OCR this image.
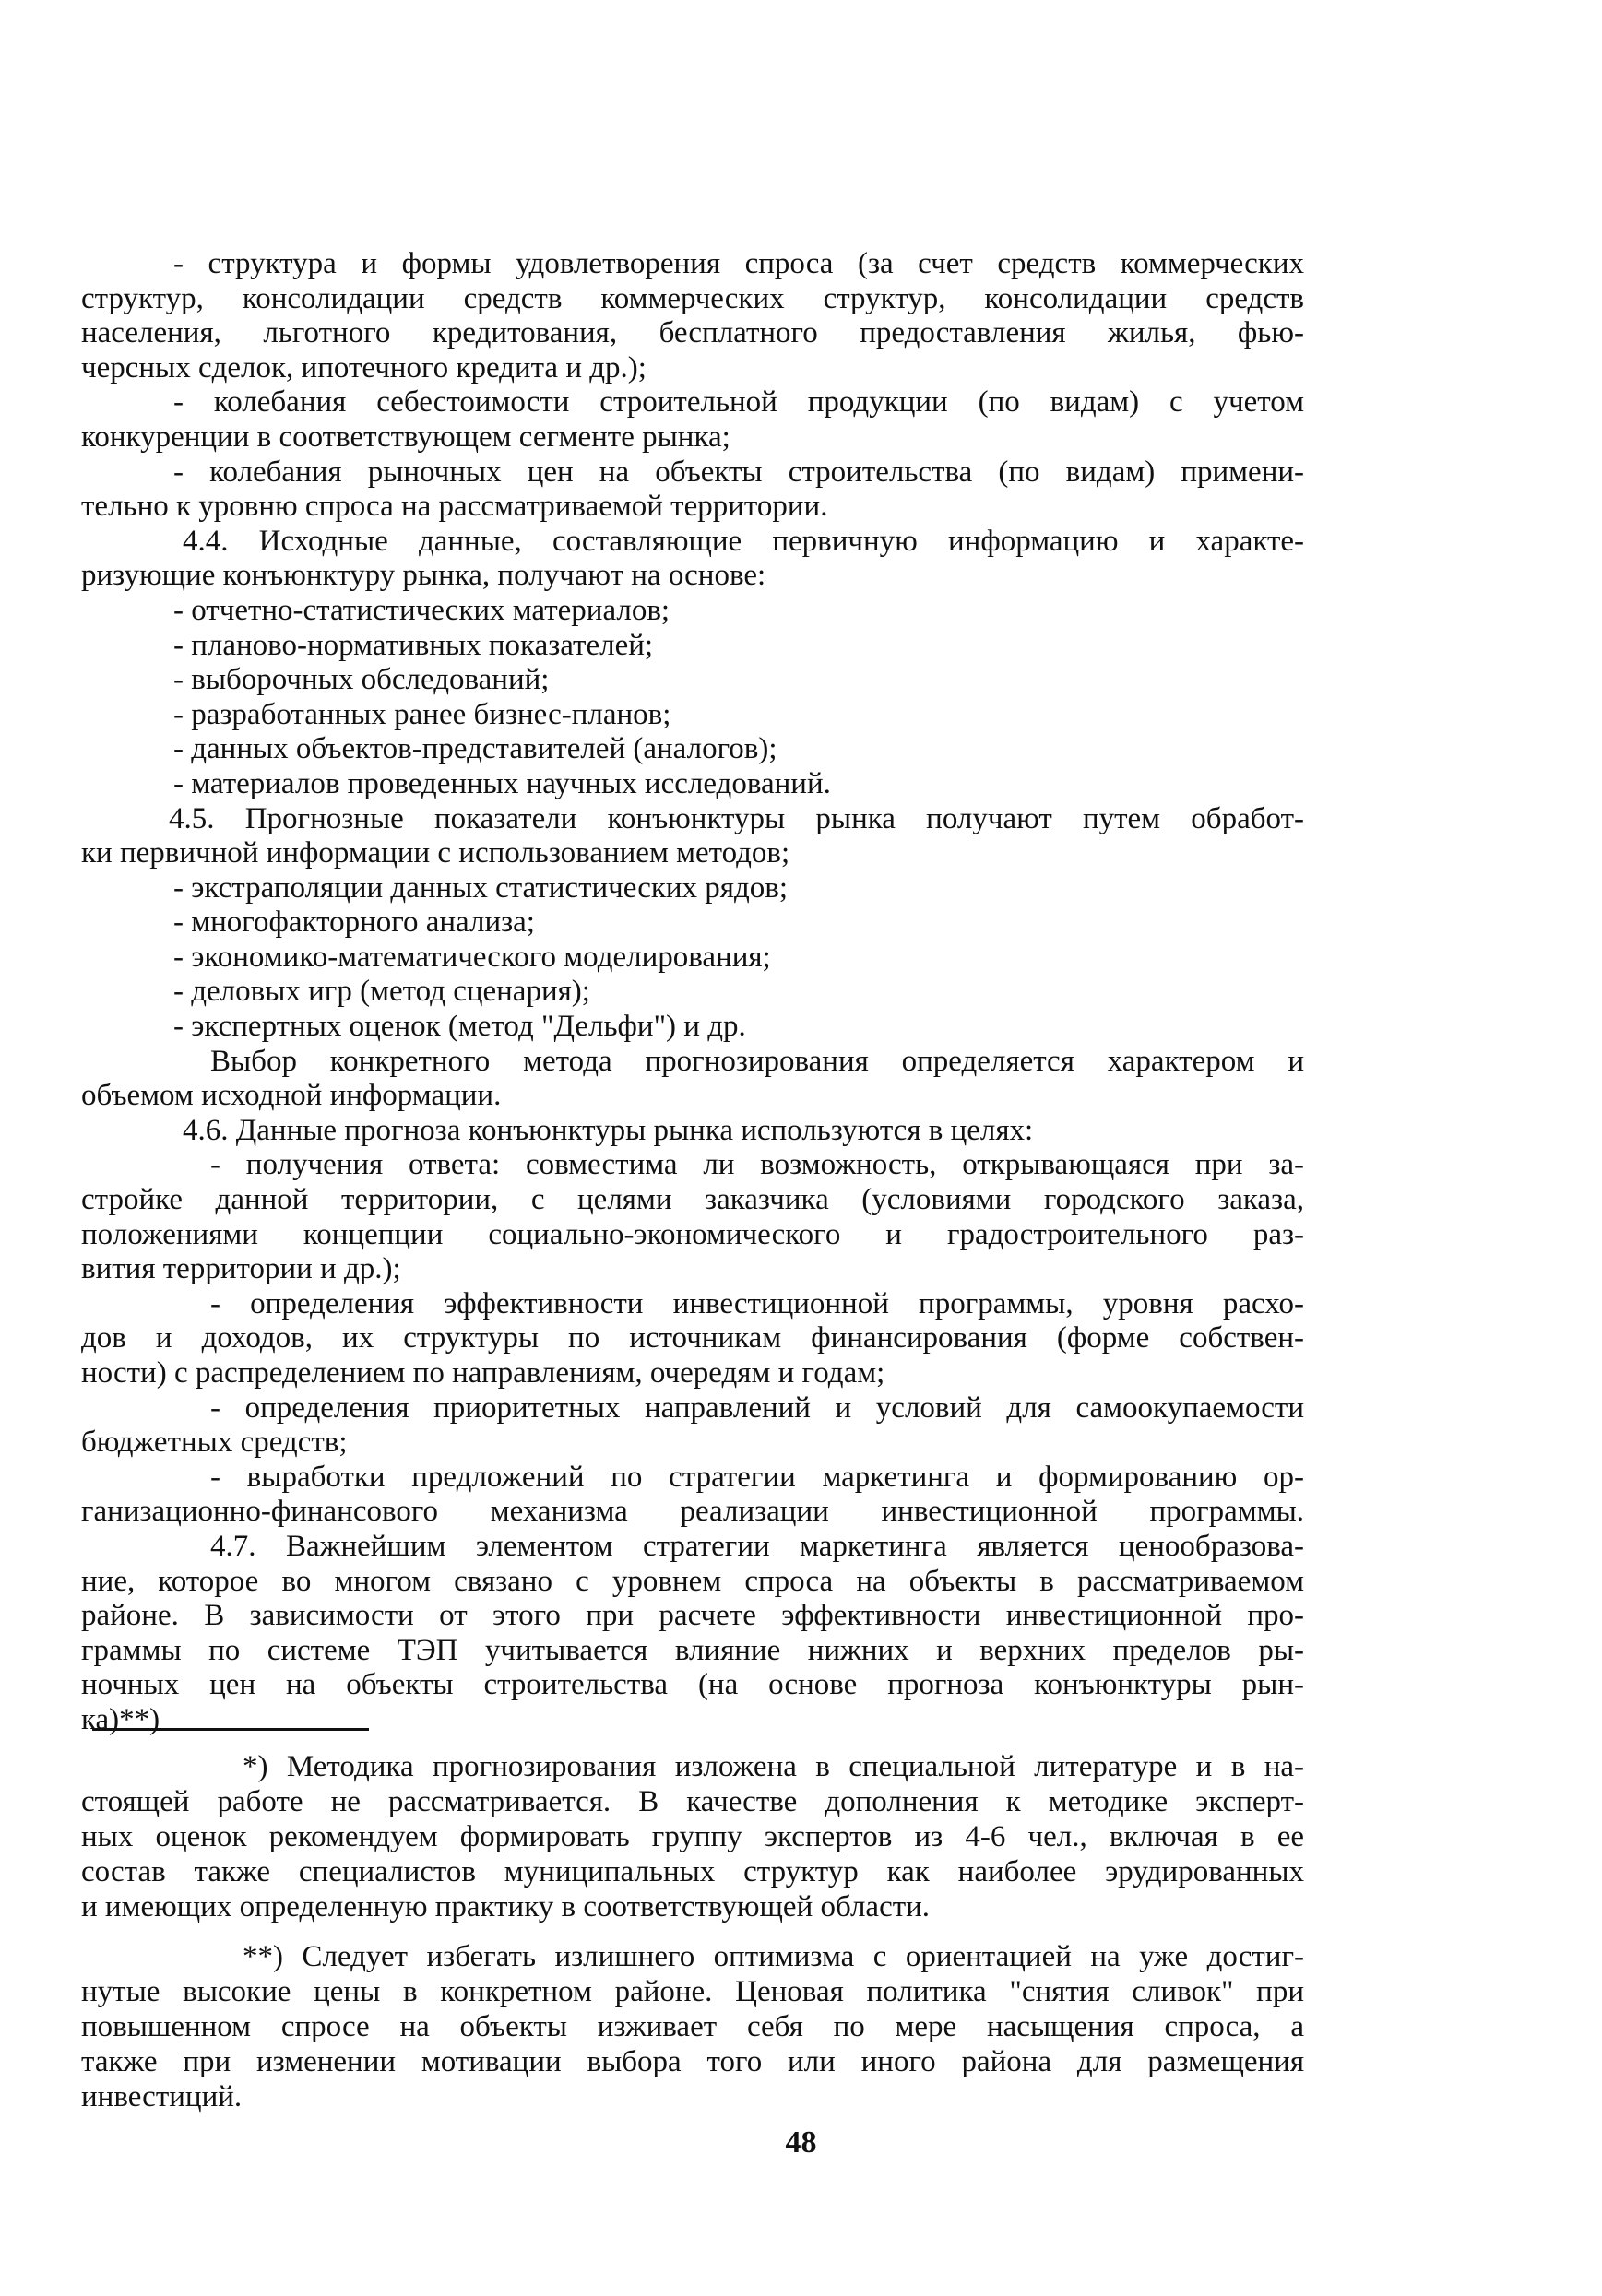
- структура и формы удовлетворения спроса (за счет средств коммерческих
структур, консолидации средств коммерческих структур, консолидации средств
населения, льготного кредитования, бесплатного предоставления жилья, фью-
черсных сделок, ипотечного кредита и др.);
- колебания себестоимости строительной продукции (по видам) с учетом
конкуренции в соответствующем сегменте рынка;
- колебания рыночных цен на объекты строительства (по видам) примени-
тельно к уровню спроса на рассматриваемой территории.
4.4. Исходные данные, составляющие первичную информацию и характе-
ризующие конъюнктуру рынка, получают на основе:
- отчетно-статистических материалов;
- планово-нормативных показателей;
- выборочных обследований;
- разработанных ранее бизнес-планов;
- данных объектов-представителей (аналогов);
- материалов проведенных научных исследований.
4.5. Прогнозные показатели конъюнктуры рынка получают путем обработ-
ки первичной информации с использованием методов;
- экстраполяции данных статистических рядов;
- многофакторного анализа;
- экономико-математического моделирования;
- деловых игр (метод сценария);
- экспертных оценок (метод "Дельфи") и др.
Выбор конкретного метода прогнозирования определяется характером и
объемом исходной информации.
4.6. Данные прогноза конъюнктуры рынка используются в целях:
- получения ответа: совместима ли возможность, открывающаяся при за-
стройке данной территории, с целями заказчика (условиями городского заказа,
положениями концепции социально-экономического и градостроительного раз-
вития территории и др.);
- определения эффективности инвестиционной программы, уровня расхо-
дов и доходов, их структуры по источникам финансирования (форме собствен-
ности) с распределением по направлениям, очередям и годам;
- определения приоритетных направлений и условий для самоокупаемости
бюджетных средств;
- выработки предложений по стратегии маркетинга и формированию ор-
ганизационно-финансового механизма реализации инвестиционной программы.
4.7. Важнейшим элементом стратегии маркетинга является ценообразова-
ние, которое во многом связано с уровнем спроса на объекты в рассматриваемом
районе. В зависимости от этого при расчете эффективности инвестиционной про-
граммы по системе ТЭП учитывается влияние нижних и верхних пределов ры-
ночных цен на объекты строительства (на основе прогноза конъюнктуры рын-
ка)**)
*) Методика прогнозирования изложена в специальной литературе и в на-
стоящей работе не рассматривается. В качестве дополнения к методике эксперт-
ных оценок рекомендуем формировать группу экспертов из 4-6 чел., включая в ее
состав также специалистов муниципальных структур как наиболее эрудированных
и имеющих определенную практику в соответствующей области.
**) Следует избегать излишнего оптимизма с ориентацией на уже достиг-
нутые высокие цены в конкретном районе. Ценовая политика "снятия сливок" при
повышенном спросе на объекты изживает себя по мере насыщения спроса, а
также при изменении мотивации выбора того или иного района для размещения
инвестиций.
48
